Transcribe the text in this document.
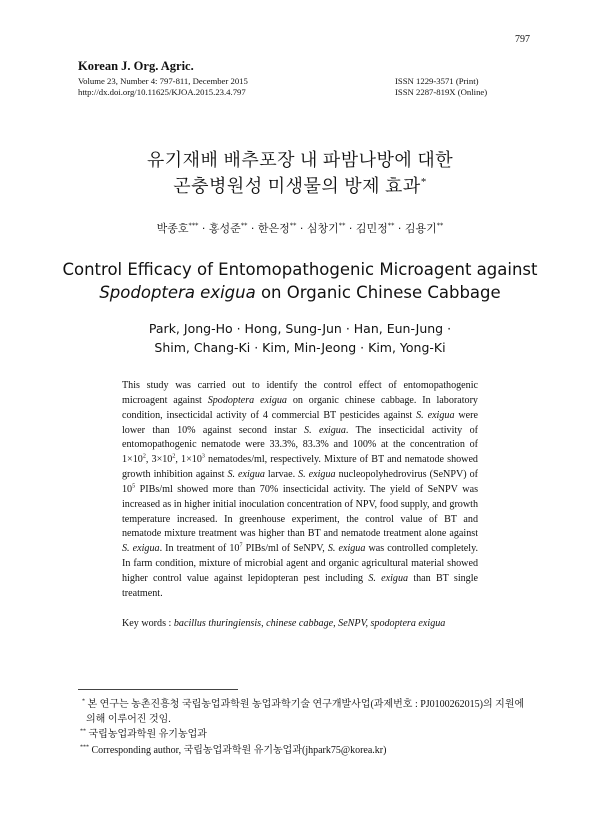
797
Korean J. Org. Agric.
Volume 23, Number 4: 797-811, December 2015
http://dx.doi.org/10.11625/KJOA.2015.23.4.797
ISSN 1229-3571 (Print)
ISSN 2287-819X (Online)
유기재배 배추포장 내 파밤나방에 대한
곤충병원성 미생물의 방제 효과*
박종호*** · 홍성준** · 한은정** · 심창기** · 김민정** · 김용기**
Control Efficacy of Entomopathogenic Microagent against
Spodoptera exigua on Organic Chinese Cabbage
Park, Jong-Ho · Hong, Sung-Jun · Han, Eun-Jung ·
Shim, Chang-Ki · Kim, Min-Jeong · Kim, Yong-Ki
This study was carried out to identify the control effect of entomopathogenic microagent against Spodoptera exigua on organic chinese cabbage. In laboratory condition, insecticidal activity of 4 commercial BT pesticides against S. exigua were lower than 10% against second instar S. exigua. The insecticidal activity of entomopathogenic nematode were 33.3%, 83.3% and 100% at the concentration of $1\times 10^2$, $3\times 10^2$, $1\times 10^3$ nematodes/ml, respectively. Mixture of BT and nematode showed growth inhibition against S. exigua larvae. S. exigua nucleopolyhedrovirus (SeNPV) of $10^5$ PIBs/ml showed more than 70% insecticidal activity. The yield of SeNPV was increased as in higher initial inoculation concentration of NPV, food supply, and growth temperature increased. In greenhouse experiment, the control value of BT and nematode mixture treatment was higher than BT and nematode treatment alone against S. exigua. In treatment of $10^7$ PIBs/ml of SeNPV, S. exigua was controlled completely. In farm condition, mixture of microbial agent and organic agricultural material showed higher control value against lepidopteran pest including S. exigua than BT single treatment.
Key words : bacillus thuringiensis, chinese cabbage, SeNPV, spodoptera exigua
* 본 연구는 농촌진흥청 국립농업과학원 농업과학기술 연구개발사업(과제번호 : PJ0100262015)의 지원에 의해 이루어진 것임.
** 국립농업과학원 유기농업과
*** Corresponding author, 국립농업과학원 유기농업과(jhpark75@korea.kr)
